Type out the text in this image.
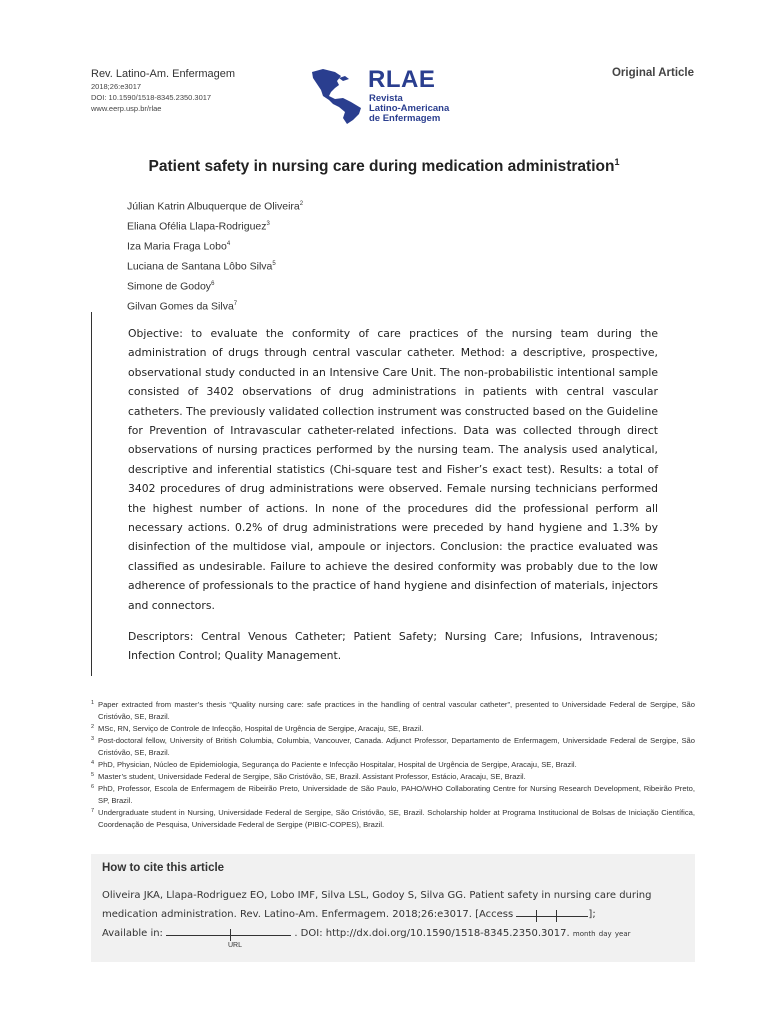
Rev. Latino-Am. Enfermagem
2018;26:e3017
DOI: 10.1590/1518-8345.2350.3017
www.eerp.usp.br/rlae
RLAE
Revista
Latino-Americana
de Enfermagem
Original Article
Patient safety in nursing care during medication administration$^1$
Júlian Katrin Albuquerque de Oliveira$^2$
Eliana Ofélia Llapa-Rodriguez$^3$
Iza Maria Fraga Lobo$^4$
Luciana de Santana Lôbo Silva$^5$
Simone de Godoy$^6$
Gilvan Gomes da Silva$^7$
Objective: to evaluate the conformity of care practices of the nursing team during the administration of drugs through central vascular catheter. Method: a descriptive, prospective, observational study conducted in an Intensive Care Unit. The non-probabilistic intentional sample consisted of 3402 observations of drug administrations in patients with central vascular catheters. The previously validated collection instrument was constructed based on the Guideline for Prevention of Intravascular catheter-related infections. Data was collected through direct observations of nursing practices performed by the nursing team. The analysis used analytical, descriptive and inferential statistics (Chi-square test and Fisher’s exact test). Results: a total of 3402 procedures of drug administrations were observed. Female nursing technicians performed the highest number of actions. In none of the procedures did the professional perform all necessary actions. 0.2% of drug administrations were preceded by hand hygiene and 1.3% by disinfection of the multidose vial, ampoule or injectors. Conclusion: the practice evaluated was classified as undesirable. Failure to achieve the desired conformity was probably due to the low adherence of professionals to the practice of hand hygiene and disinfection of materials, injectors and connectors.
Descriptors: Central Venous Catheter; Patient Safety; Nursing Care; Infusions, Intravenous; Infection Control; Quality Management.
1 Paper extracted from master’s thesis “Quality nursing care: safe practices in the handling of central vascular catheter”, presented to Universidade Federal de Sergipe, São Cristóvão, SE, Brazil.
2 MSc, RN, Serviço de Controle de Infecção, Hospital de Urgência de Sergipe, Aracaju, SE, Brazil.
3 Post-doctoral fellow, University of British Columbia, Columbia, Vancouver, Canada. Adjunct Professor, Departamento de Enfermagem, Universidade Federal de Sergipe, São Cristóvão, SE, Brazil.
4 PhD, Physician, Núcleo de Epidemiologia, Segurança do Paciente e Infecção Hospitalar, Hospital de Urgência de Sergipe, Aracaju, SE, Brazil.
5 Master’s student, Universidade Federal de Sergipe, São Cristóvão, SE, Brazil. Assistant Professor, Estácio, Aracaju, SE, Brazil.
6 PhD, Professor, Escola de Enfermagem de Ribeirão Preto, Universidade de São Paulo, PAHO/WHO Collaborating Centre for Nursing Research Development, Ribeirão Preto, SP, Brazil.
7 Undergraduate student in Nursing, Universidade Federal de Sergipe, São Cristóvão, SE, Brazil. Scholarship holder at Programa Institucional de Bolsas de Iniciação Científica, Coordenação de Pesquisa, Universidade Federal de Sergipe (PIBIC-COPES), Brazil.
How to cite this article
Oliveira JKA, Llapa-Rodriguez EO, Lobo IMF, Silva LSL, Godoy S, Silva GG. Patient safety in nursing care during medication administration. Rev. Latino-Am. Enfermagem. 2018;26:e3017. [Access	];
Available in:	. DOI: http://dx.doi.org/10.1590/1518-8345.2350.3017. month day year
URL
